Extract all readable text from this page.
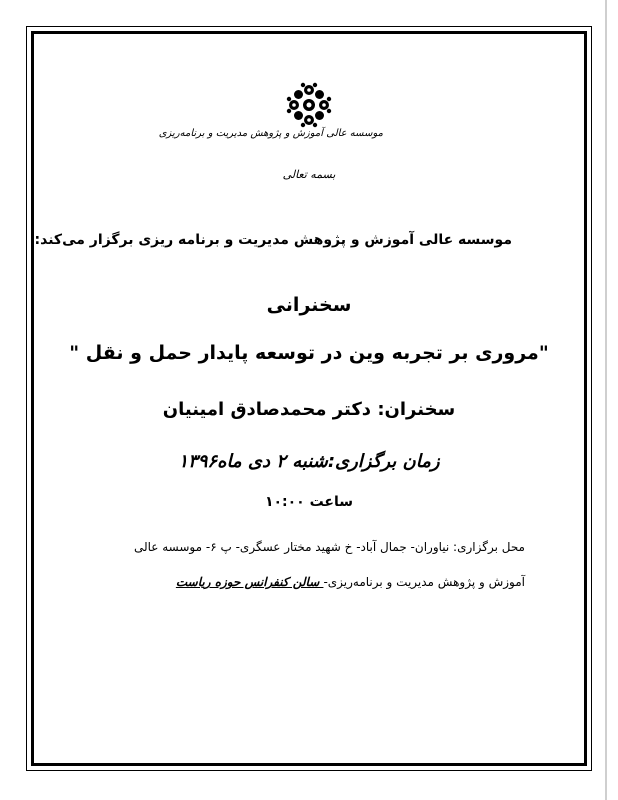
موسسه عالی آموزش و پژوهش مدیریت و برنامه‌ریزی
بسمه تعالی
موسسه عالی آموزش و پژوهش مدیریت و برنامه ریزی برگزار می‌کند:
سخنرانی
"مروری بر تجربه وین در توسعه پایدار حمل و نقل "
سخنران: دکتر محمدصادق امینیان
زمان برگزاری:شنبه ۲ دی ماه۱۳۹۶
ساعت ۱۰:۰۰
محل برگزاری: نیاوران- جمال آباد- خ شهید مختار عسگری- پ ۶- موسسه عالی
آموزش و پژوهش مدیریت و برنامه‌ریزی- سالن کنفرانس حوزه ریاست
